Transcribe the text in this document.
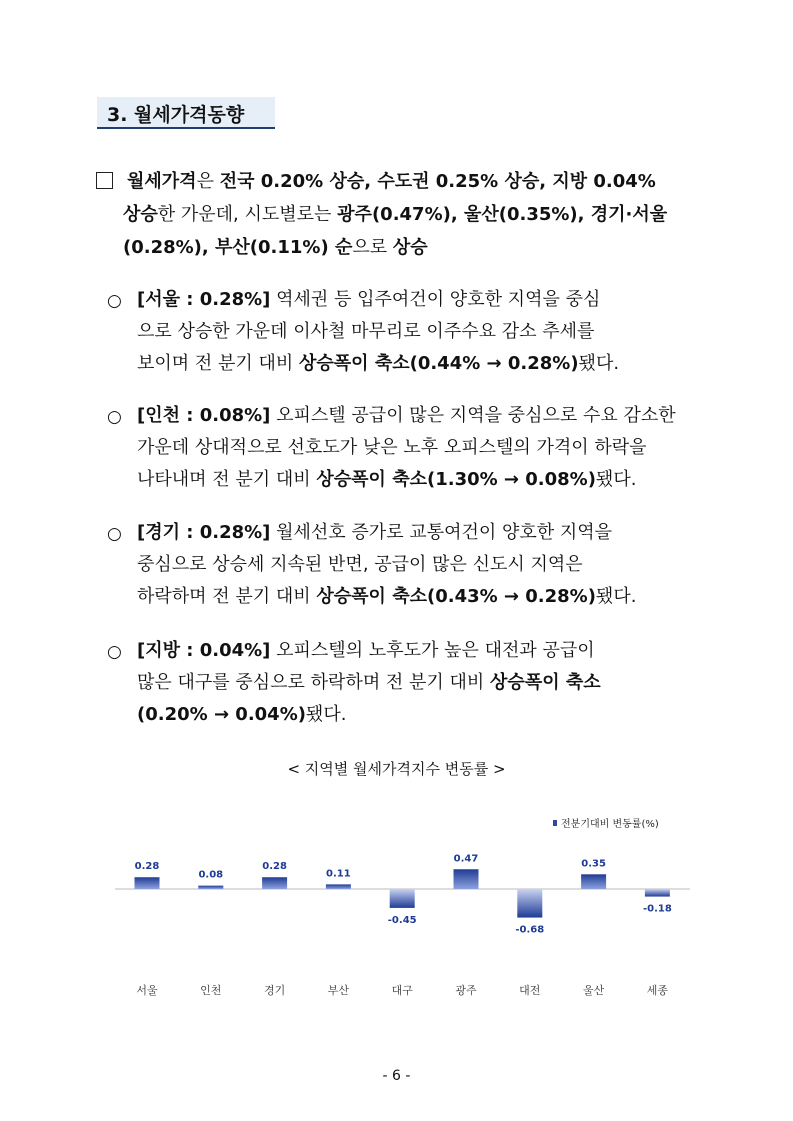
3. 월세가격동향
월세가격은 전국 0.20% 상승, 수도권 0.25% 상승, 지방 0.04%
상승한 가운데, 시도별로는 광주(0.47%), 울산(0.35%), 경기·서울
(0.28%), 부산(0.11%) 순으로 상승
○ [서울 : 0.28%] 역세권 등 입주여건이 양호한 지역을 중심
으로 상승한 가운데 이사철 마무리로 이주수요 감소 추세를
보이며 전 분기 대비 상승폭이 축소(0.44% → 0.28%)됐다.
○ [인천 : 0.08%] 오피스텔 공급이 많은 지역을 중심으로 수요 감소한
가운데 상대적으로 선호도가 낮은 노후 오피스텔의 가격이 하락을
나타내며 전 분기 대비 상승폭이 축소(1.30% → 0.08%)됐다.
○ [경기 : 0.28%] 월세선호 증가로 교통여건이 양호한 지역을
중심으로 상승세 지속된 반면, 공급이 많은 신도시 지역은
하락하며 전 분기 대비 상승폭이 축소(0.43% → 0.28%)됐다.
○ [지방 : 0.04%] 오피스텔의 노후도가 높은 대전과 공급이
많은 대구를 중심으로 하락하며 전 분기 대비 상승폭이 축소
(0.20% → 0.04%)됐다.
< 지역별 월세가격지수 변동률 >
전분기대비 변동률(%)
0.28
서울
0.08
인천
0.28
경기
0.11
부산
-0.45
대구
0.47
광주
-0.68
대전
0.35
울산
-0.18
세종
- 6 -
